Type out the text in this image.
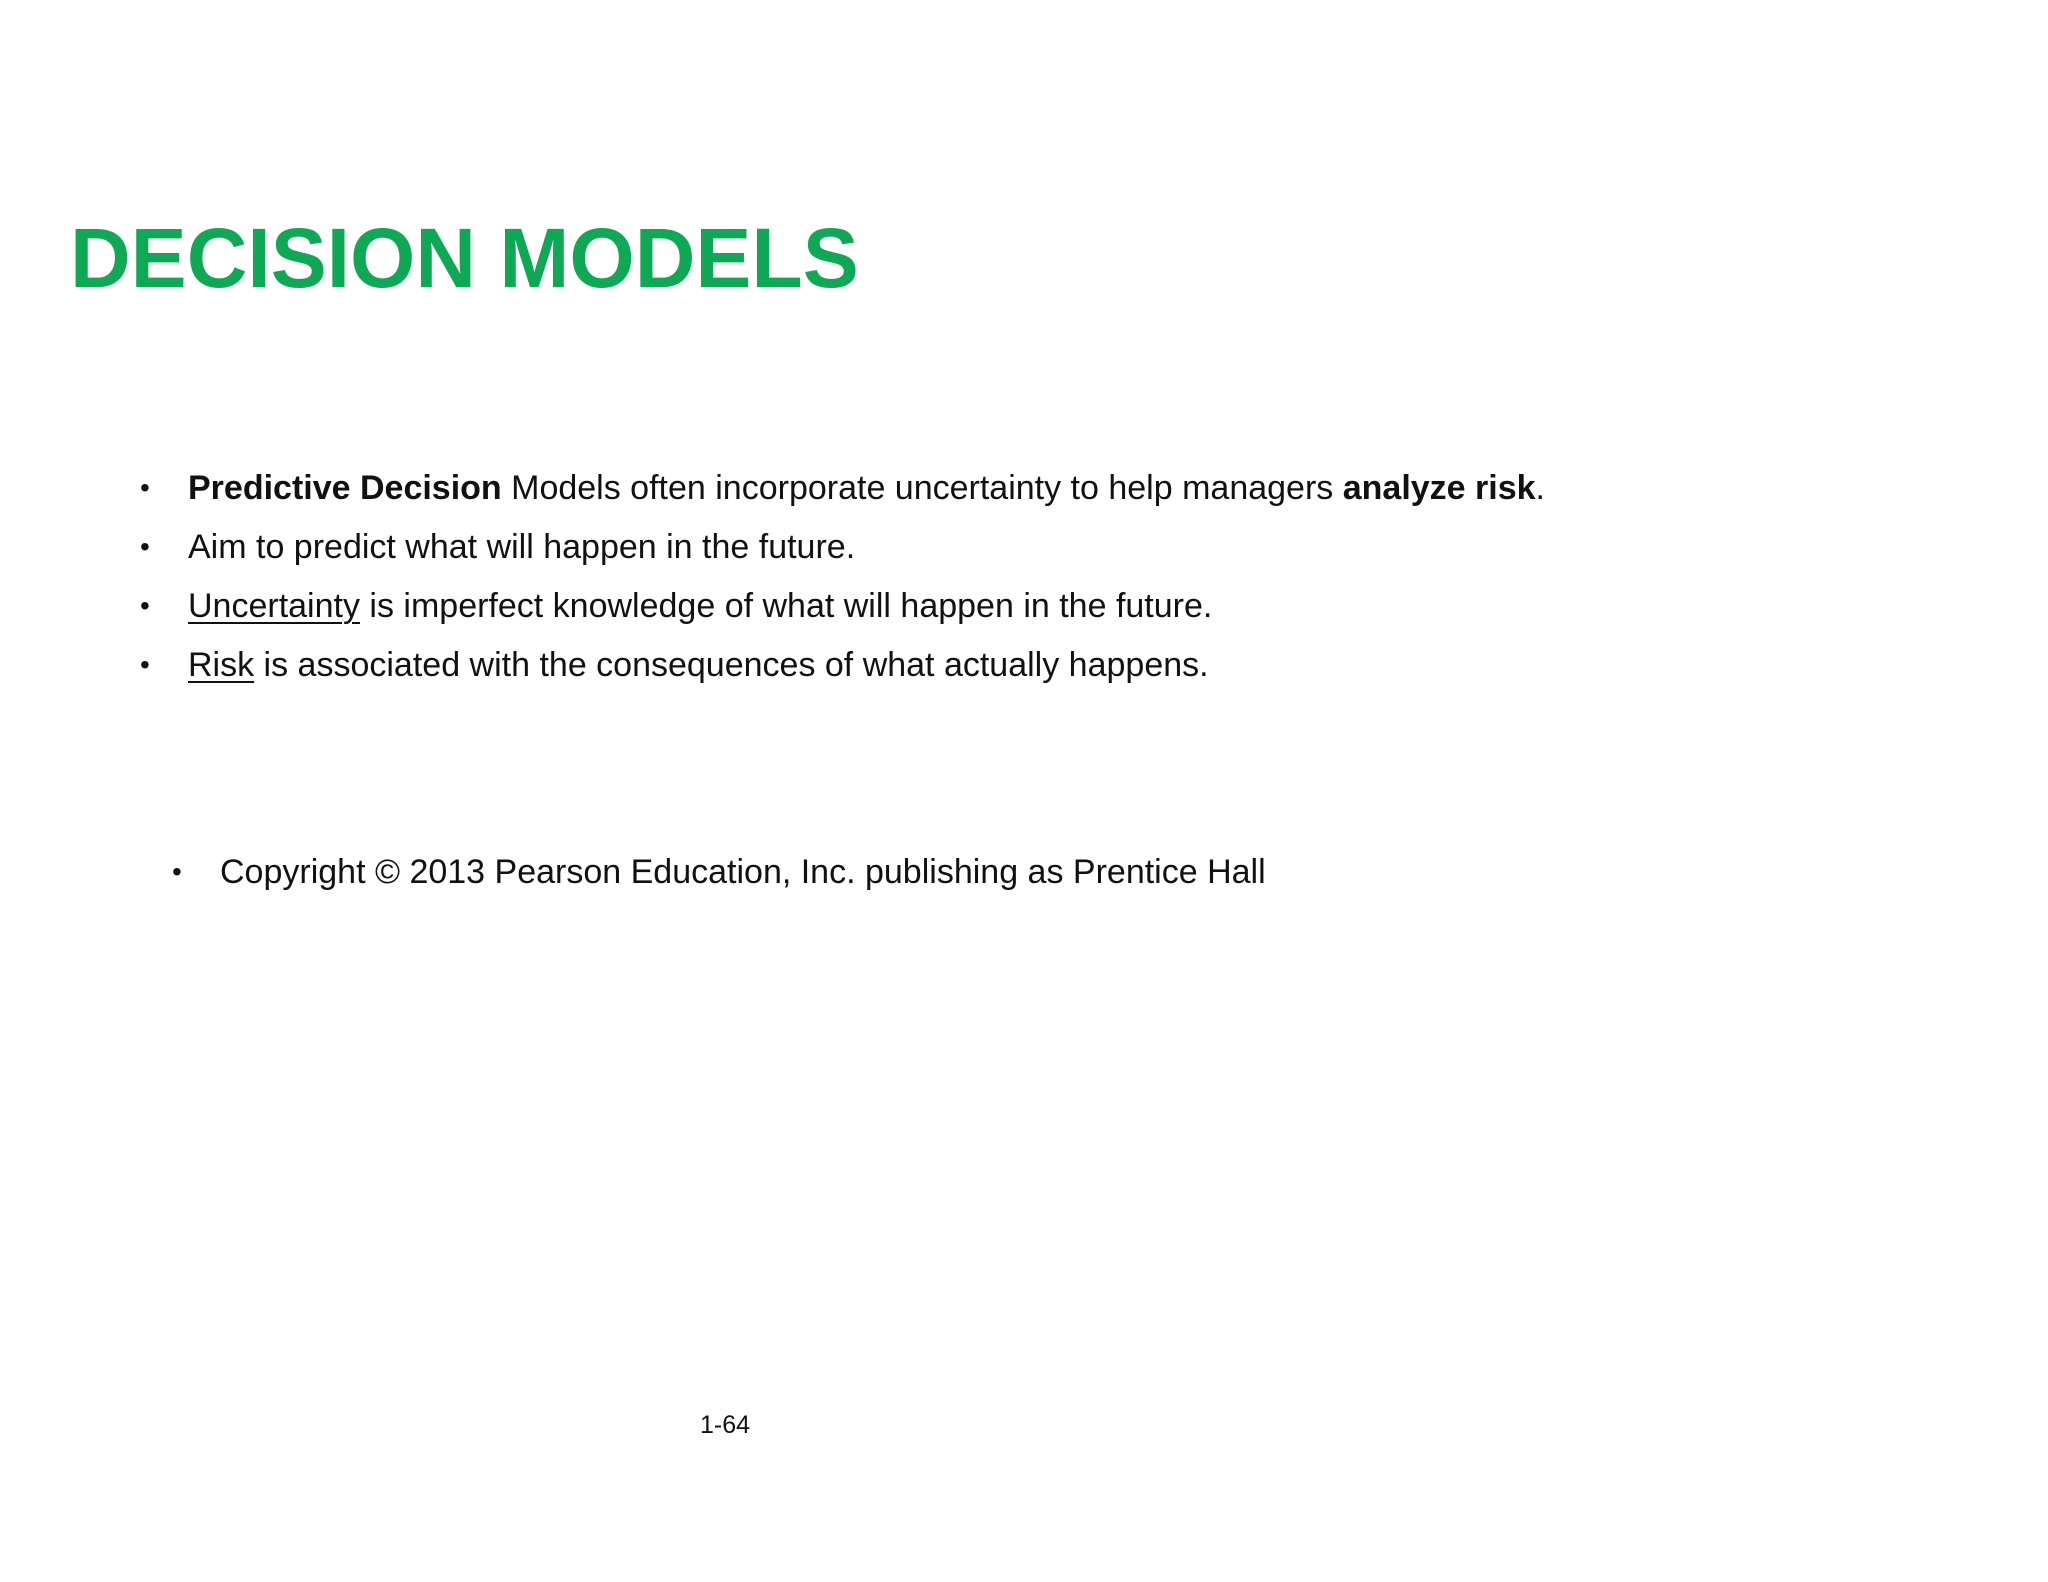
DECISION MODELS
• Predictive Decision Models often incorporate uncertainty to help managers analyze risk.
• Aim to predict what will happen in the future.
• Uncertainty is imperfect knowledge of what will happen in the future.
• Risk is associated with the consequences of what actually happens.
• Copyright © 2013 Pearson Education, Inc. publishing as Prentice Hall
1-64
